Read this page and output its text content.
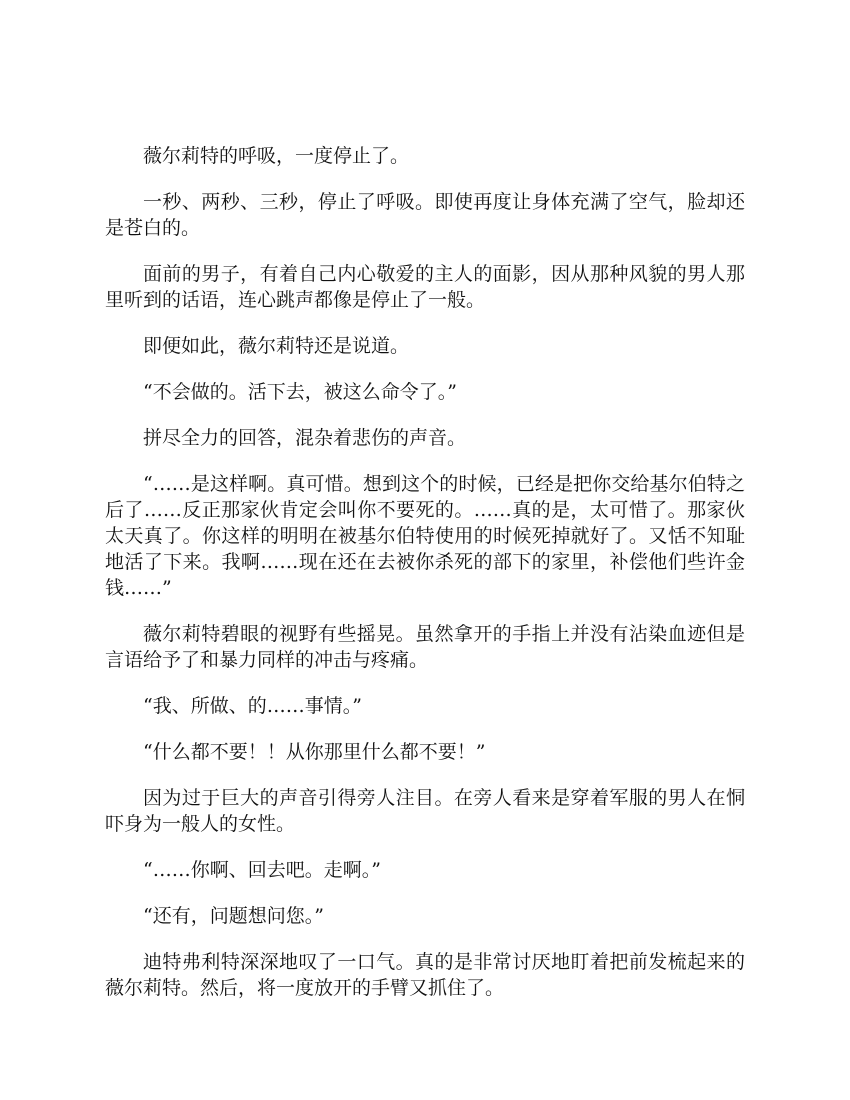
薇尔莉特的呼吸，一度停止了。

一秒、两秒、三秒，停止了呼吸。即使再度让身体充满了空气，脸却还是苍白的。

面前的男子，有着自己内心敬爱的主人的面影，因从那种风貌的男人那里听到的话语，连心跳声都像是停止了一般。

即便如此，薇尔莉特还是说道。

“不会做的。活下去，被这么命令了。”

拼尽全力的回答，混杂着悲伤的声音。

“……是这样啊。真可惜。想到这个的时候，已经是把你交给基尔伯特之后了……反正那家伙肯定会叫你不要死的。……真的是，太可惜了。那家伙太天真了。你这样的明明在被基尔伯特使用的时候死掉就好了。又恬不知耻地活了下来。我啊……现在还在去被你杀死的部下的家里，补偿他们些许金钱……”

薇尔莉特碧眼的视野有些摇晃。虽然拿开的手指上并没有沾染血迹但是言语给予了和暴力同样的冲击与疼痛。

“我、所做、的……事情。”

“什么都不要！！从你那里什么都不要！”

因为过于巨大的声音引得旁人注目。在旁人看来是穿着军服的男人在恫吓身为一般人的女性。

“……你啊、回去吧。走啊。”

“还有，问题想问您。”

迪特弗利特深深地叹了一口气。真的是非常讨厌地盯着把前发梳起来的薇尔莉特。然后，将一度放开的手臂又抓住了。
